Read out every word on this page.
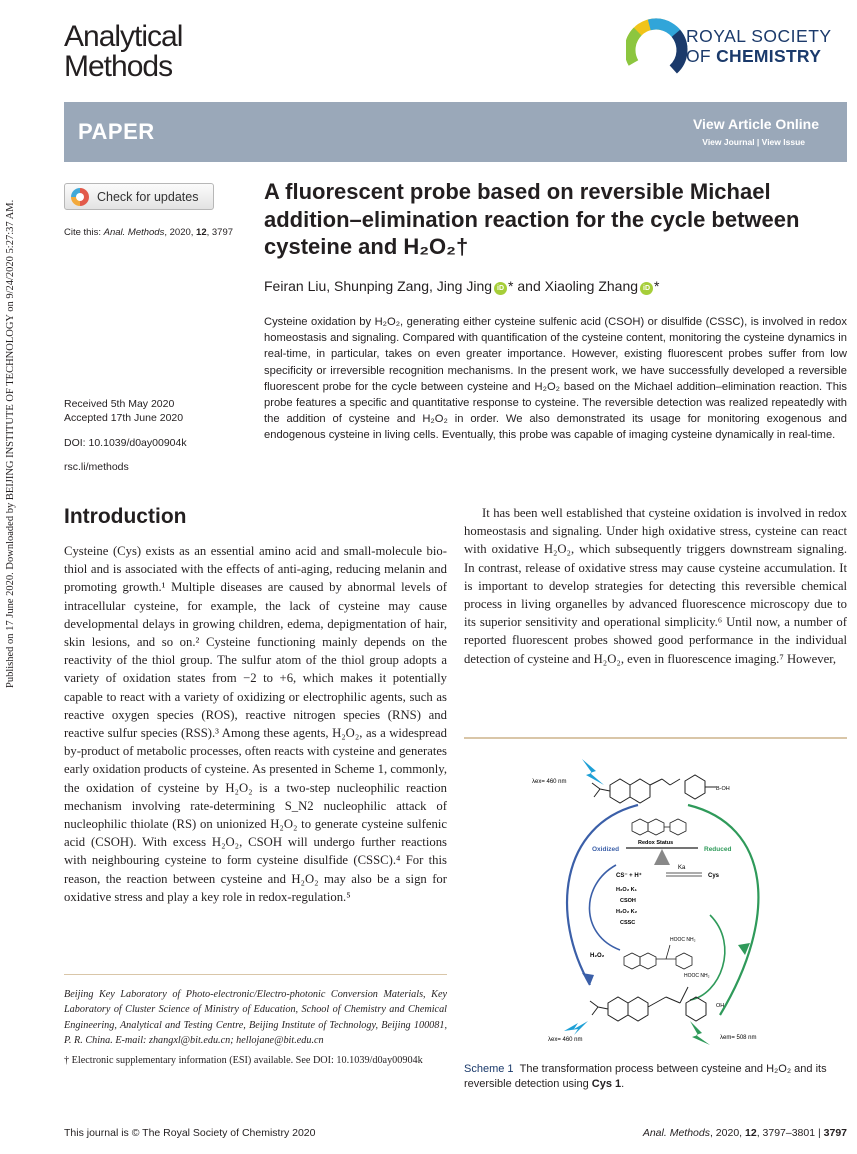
Published on 17 June 2020. Downloaded by BEIJING INSTITUTE OF TECHNOLOGY on 9/24/2020 5:27:37 AM.
Analytical
Methods
ROYAL SOCIETY
OF CHEMISTRY
PAPER	View Article Online
View Journal | View Issue
Check for updates
Cite this: Anal. Methods, 2020, 12, 3797
A fluorescent probe based on reversible Michael addition–elimination reaction for the cycle between cysteine and H₂O₂†
Feiran Liu, Shunping Zang, Jing Jing iD * and Xiaoling Zhang iD *

Cysteine oxidation by H₂O₂, generating either cysteine sulfenic acid (CSOH) or disulfide (CSSC), is involved in redox homeostasis and signaling. Compared with quantification of the cysteine content, monitoring the cysteine dynamics in real-time, in particular, takes on even greater importance. However, existing fluorescent probes suffer from low specificity or irreversible recognition mechanisms. In the present work, we have successfully developed a reversible fluorescent probe for the cycle between cysteine and H₂O₂ based on the Michael addition–elimination reaction. This probe features a specific and quantitative response to cysteine. The reversible detection was realized repeatedly with the addition of cysteine and H₂O₂ in order. We also demonstrated its usage for monitoring exogenous and endogenous cysteine in living cells. Eventually, this probe was capable of imaging cysteine dynamically in real-time.

Received 5th May 2020
Accepted 17th June 2020
DOI: 10.1039/d0ay00904k
rsc.li/methods
Introduction

Cysteine (Cys) exists as an essential amino acid and small-molecule bio-thiol and is associated with the effects of anti-aging, reducing melanin and promoting growth.¹ Multiple diseases are caused by abnormal levels of intracellular cysteine, for example, the lack of cysteine may cause developmental delays in growing children, edema, depigmentation of hair, skin lesions, and so on.² Cysteine functioning mainly depends on the reactivity of the thiol group. The sulfur atom of the thiol group adopts a variety of oxidation states from −2 to +6, which makes it potentially capable to react with a variety of oxidizing or electrophilic agents, such as reactive oxygen species (ROS), reactive nitrogen species (RNS) and reactive sulfur species (RSS).³ Among these agents, H₂O₂, as a widespread by-product of metabolic processes, often reacts with cysteine and generates early oxidation products of cysteine. As presented in Scheme 1, commonly, the oxidation of cysteine by H₂O₂ is a two-step nucleophilic reaction mechanism involving rate-determining S_N2 nucleophilic attack of nucleophilic thiolate (RS) on unionized H₂O₂ to generate cysteine sulfenic acid (CSOH). With excess H₂O₂, CSOH will undergo further reactions with neighbouring cysteine to form cysteine disulfide (CSSC).⁴ For this reason, the reaction between cysteine and H₂O₂ may also be a sign for oxidative stress and play a key role in redox-regulation.⁵

It has been well established that cysteine oxidation is involved in redox homeostasis and signaling. Under high oxidative stress, cysteine can react with oxidative H₂O₂, which subsequently triggers downstream signaling. In contrast, release of oxidative stress may cause cysteine accumulation. It is important to develop strategies for detecting this reversible chemical process in living organelles by advanced fluorescence microscopy due to its superior sensitivity and operational simplicity.⁶ Until now, a number of reported fluorescent probes showed good performance in the individual detection of cysteine and H₂O₂, even in fluorescence imaging.⁷ However,

Beijing Key Laboratory of Photo-electronic/Electro-photonic Conversion Materials, Key Laboratory of Cluster Science of Ministry of Education, School of Chemistry and Chemical Engineering, Analytical and Testing Centre, Beijing Institute of Technology, Beijing 100081, P. R. China. E-mail: zhangxl@bit.edu.cn; hellojane@bit.edu.cn
† Electronic supplementary information (ESI) available. See DOI: 10.1039/d0ay00904k
λex= 460 nm
B-OH
Oxidized
Redox Status
Reduced
CS⁻ + H⁺
Ka
Cys
H₂O₂ K₁
CSOH
H₂O₂ K₂
CSSC
H₂O₂
HOOC NH₂
HOOC NH₂
OH
λex= 460 nm	λem= 508 nm
Scheme 1 The transformation process between cysteine and H₂O₂ and its reversible detection using Cys 1.
This journal is © The Royal Society of Chemistry 2020	Anal. Methods, 2020, 12, 3797–3801 | 3797
